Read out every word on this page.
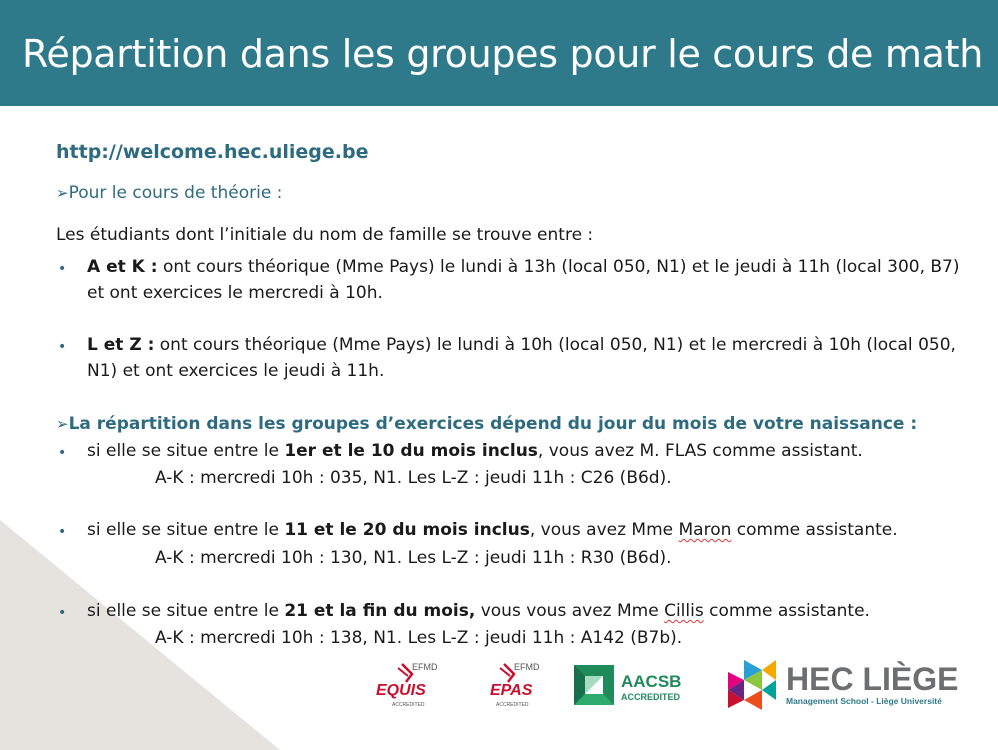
Répartition dans les groupes pour le cours de math
http://welcome.hec.uliege.be
➢Pour le cours de théorie :
Les étudiants dont l’initiale du nom de famille se trouve entre :
• A et K : ont cours théorique (Mme Pays) le lundi à 13h (local 050, N1) et le jeudi à 11h (local 300, B7) et ont exercices le mercredi à 10h.
• L et Z : ont cours théorique (Mme Pays) le lundi à 10h (local 050, N1) et le mercredi à 10h (local 050, N1) et ont exercices le jeudi à 11h.
➢La répartition dans les groupes d’exercices dépend du jour du mois de votre naissance :
• si elle se situe entre le 1er et le 10 du mois inclus, vous avez M. FLAS comme assistant.
A-K : mercredi 10h : 035, N1. Les L-Z : jeudi 11h : C26 (B6d).
• si elle se situe entre le 11 et le 20 du mois inclus, vous avez Mme Maron comme assistante.
A-K : mercredi 10h : 130, N1. Les L-Z : jeudi 11h : R30 (B6d).
• si elle se situe entre le 21 et la fin du mois, vous vous avez Mme Cillis comme assistante.
A-K : mercredi 10h : 138, N1. Les L-Z : jeudi 11h : A142 (B7b).
EFMD
EQUIS
ACCREDITED
EFMD
EPAS
ACCREDITED
AACSB
ACCREDITED	HEC LIÈGE
Management School - Liège Université
